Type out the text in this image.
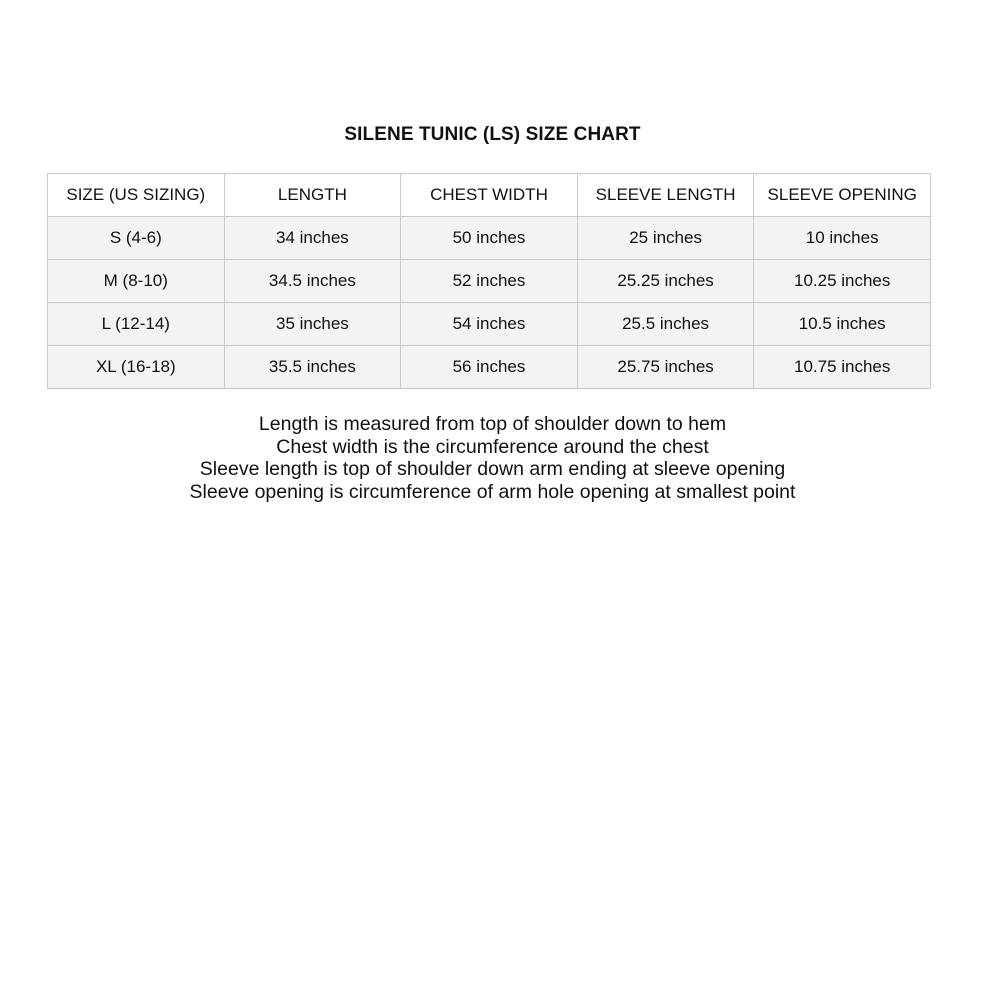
SILENE TUNIC (LS) SIZE CHART
SIZE (US SIZING)	LENGTH	CHEST WIDTH	SLEEVE LENGTH	SLEEVE OPENING
S (4-6)	34 inches	50 inches	25 inches	10 inches
M (8-10)	34.5 inches	52 inches	25.25 inches	10.25 inches
L (12-14)	35 inches	54 inches	25.5 inches	10.5 inches
XL (16-18)	35.5 inches	56 inches	25.75 inches	10.75 inches
Length is measured from top of shoulder down to hem
Chest width is the circumference around the chest
Sleeve length is top of shoulder down arm ending at sleeve opening
Sleeve opening is circumference of arm hole opening at smallest point
